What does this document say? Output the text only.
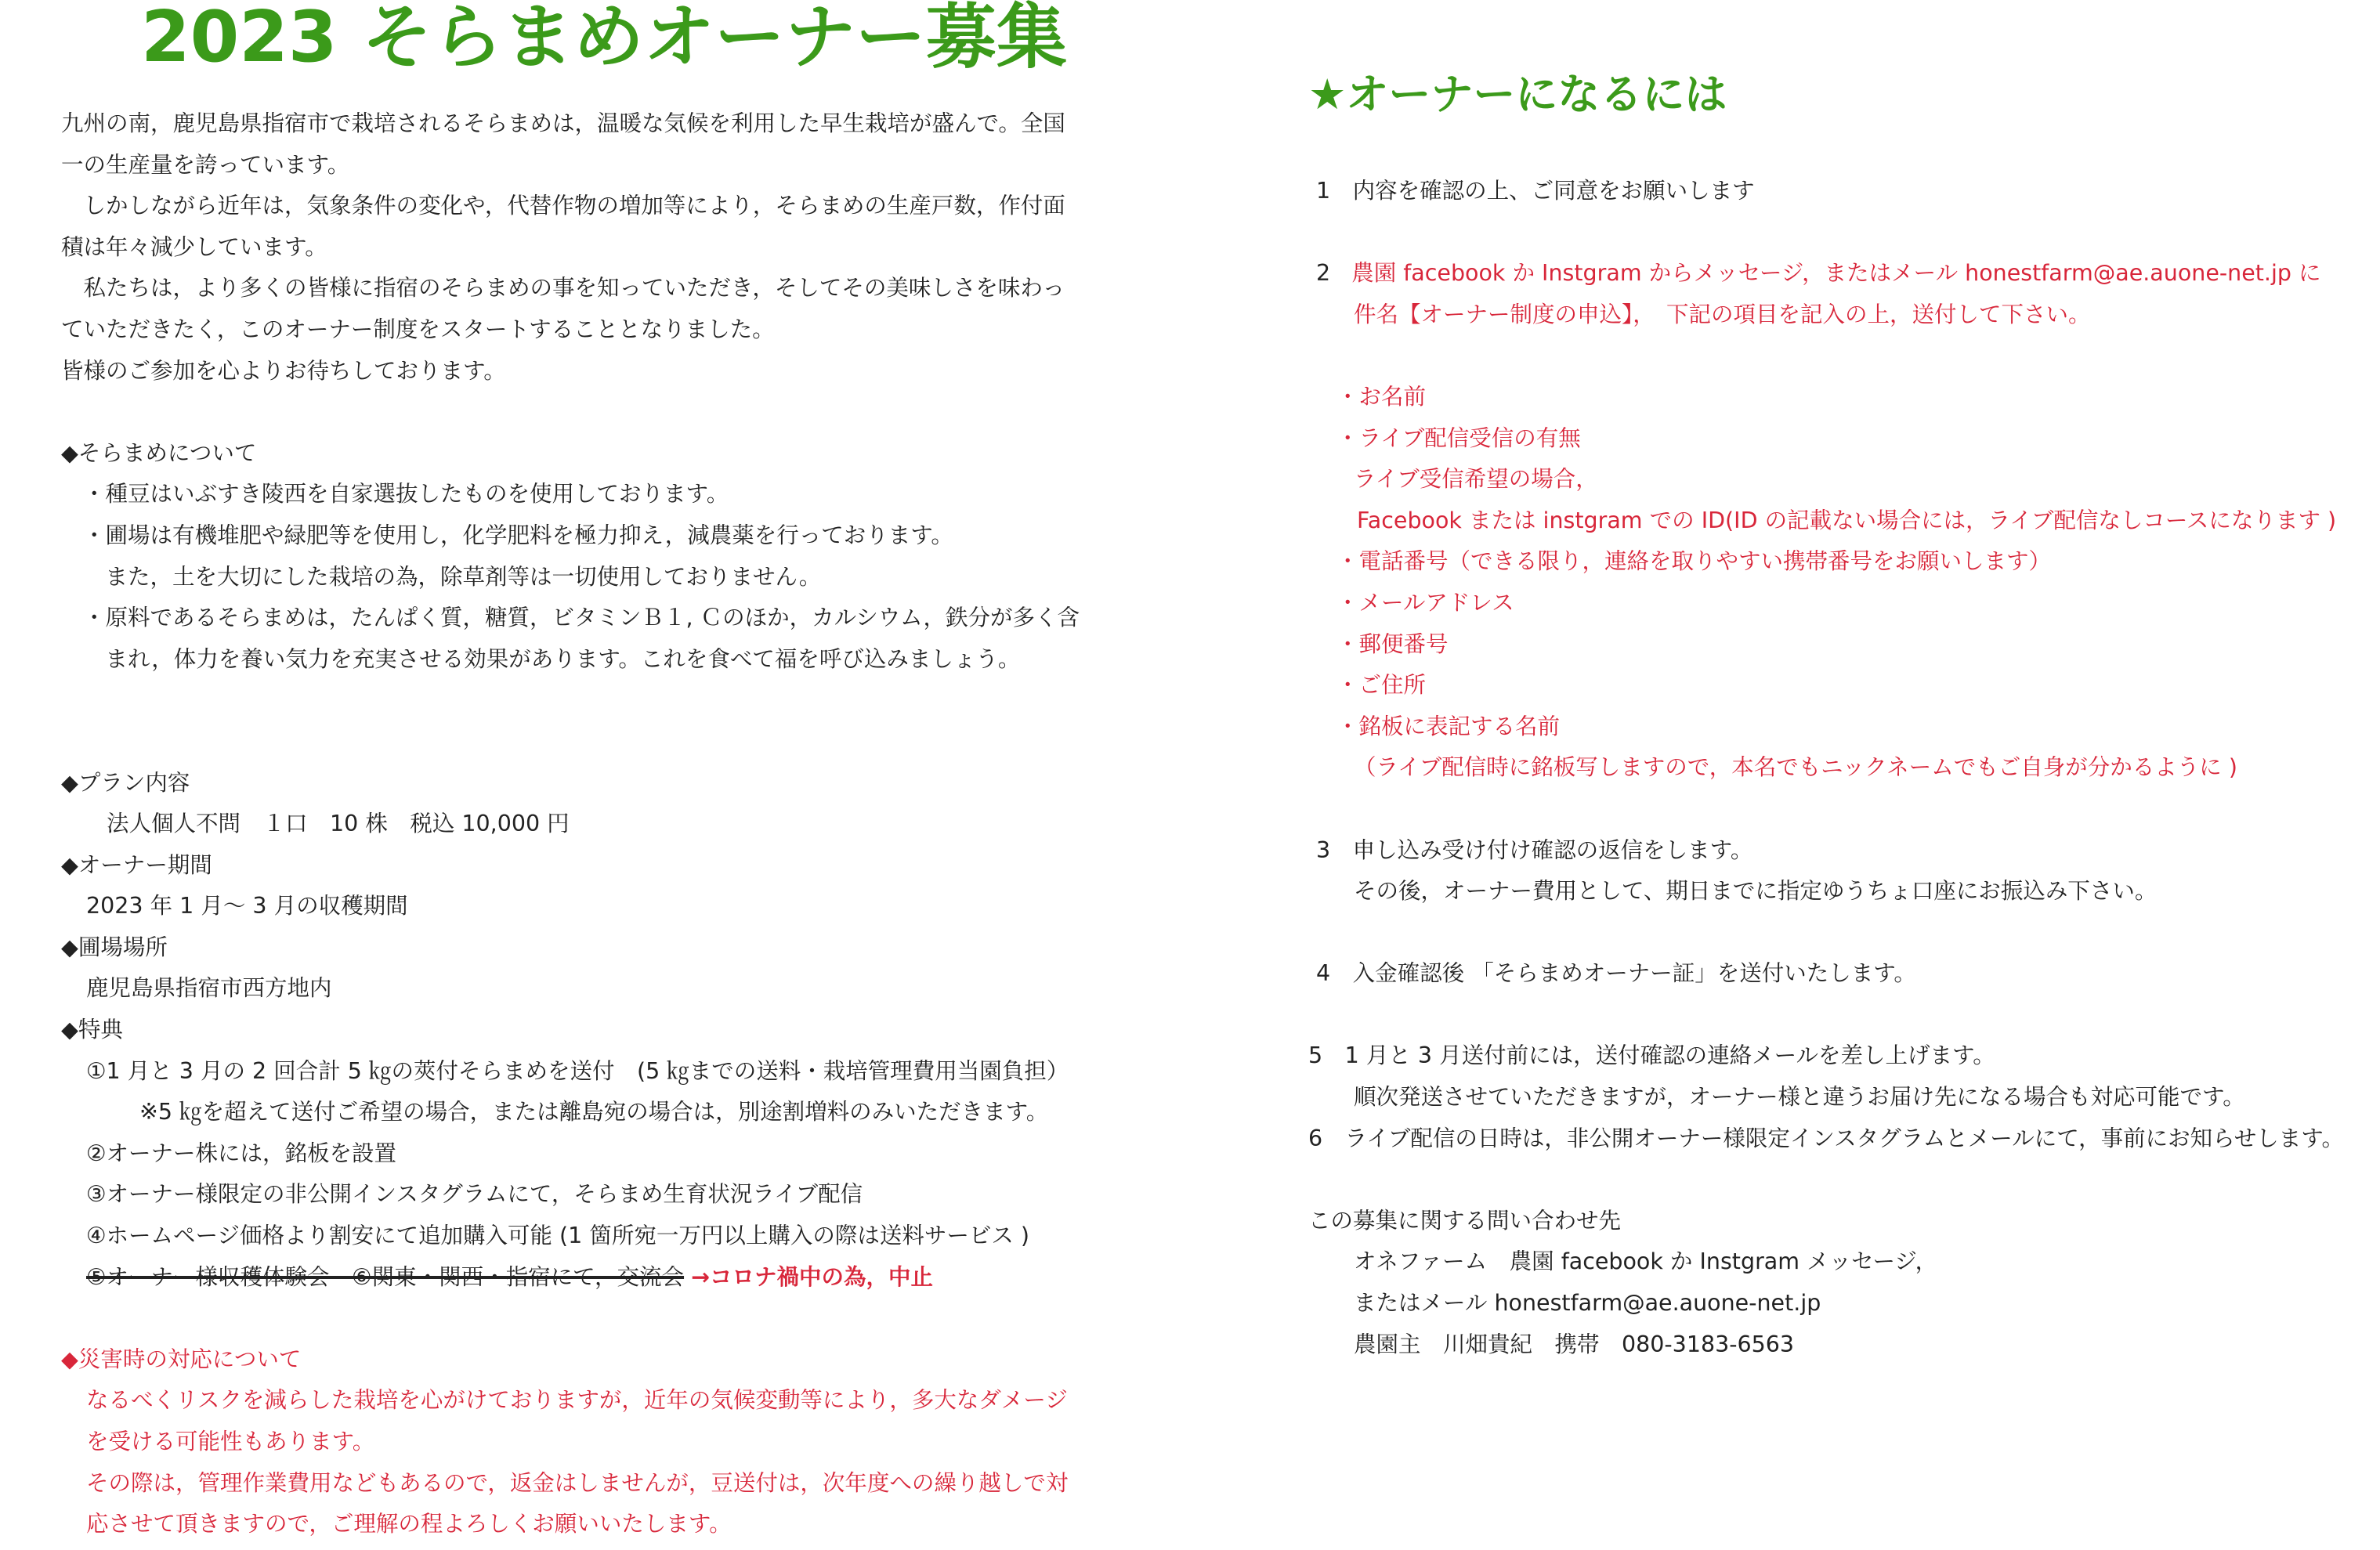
2023 そらまめオーナー募集
九州の南，鹿児島県指宿市で栽培されるそらまめは，温暖な気候を利用した早生栽培が盛んで。全国
一の生産量を誇っています。
　しかしながら近年は，気象条件の変化や，代替作物の増加等により，そらまめの生産戸数，作付面
積は年々減少しています。
　私たちは，より多くの皆様に指宿のそらまめの事を知っていただき，そしてその美味しさを味わっ
ていただきたく，このオーナー制度をスタートすることとなりました。
皆様のご参加を心よりお待ちしております。
◆そらまめについて
・種豆はいぶすき陵西を自家選抜したものを使用しております。
・圃場は有機堆肥や緑肥等を使用し，化学肥料を極力抑え，減農薬を行っております。
　また，土を大切にした栽培の為，除草剤等は一切使用しておりません。
・原料であるそらまめは，たんぱく質，糖質，ビタミンＢ１, Ｃのほか，カルシウム，鉄分が多く含
　まれ，体力を養い気力を充実させる効果があります。これを食べて福を呼び込みましょう。
◆プラン内容
法人個人不問　１口　10 株　税込 10,000 円
◆オーナー期間
2023 年 1 月〜 3 月の収穫期間
◆圃場場所
鹿児島県指宿市西方地内
◆特典
①1 月と 3 月の 2 回合計 5 ㎏の莢付そらまめを送付　(5 ㎏までの送料・栽培管理費用当園負担）
※5 ㎏を超えて送付ご希望の場合，または離島宛の場合は，別途割増料のみいただきます。
②オーナー株には，銘板を設置
③オーナー様限定の非公開インスタグラムにて，そらまめ生育状況ライブ配信
④ホームページ価格より割安にて追加購入可能 (1 箇所宛一万円以上購入の際は送料サービス )
⑤オーナー様収穫体験会　⑥関東・関西・指宿にて，交流会 →コロナ禍中の為，中止
◆災害時の対応について
なるべくリスクを減らした栽培を心がけておりますが，近年の気候変動等により，多大なダメージ
を受ける可能性もあります。
その際は，管理作業費用などもあるので，返金はしませんが，豆送付は，次年度への繰り越しで対
応させて頂きますので，ご理解の程よろしくお願いいたします。
★オーナーになるには
1　内容を確認の上、ご同意をお願いします
2 農園 facebook か Instgram からメッセージ，またはメール honestfarm@ae.auone-net.jp に
件名【オーナー制度の申込】，　下記の項目を記入の上，送付して下さい。
・お名前
・ライブ配信受信の有無
ライブ受信希望の場合，
Facebook または instgram での ID(ID の記載ない場合には，ライブ配信なしコースになります )
・電話番号（できる限り，連絡を取りやすい携帯番号をお願いします）
・メールアドレス
・郵便番号
・ご住所
・銘板に表記する名前
（ライブ配信時に銘板写しますので，本名でもニックネームでもご自身が分かるように )
3　申し込み受け付け確認の返信をします。
その後，オーナー費用として、期日までに指定ゆうちょ口座にお振込み下さい。
4　入金確認後 「そらまめオーナー証」を送付いたします。
5　1 月と 3 月送付前には，送付確認の連絡メールを差し上げます。
順次発送させていただきますが，オーナー様と違うお届け先になる場合も対応可能です。
6　ライブ配信の日時は，非公開オーナー様限定インスタグラムとメールにて，事前にお知らせします。
この募集に関する問い合わせ先
オネファーム　農園 facebook か Instgram メッセージ，
またはメール honestfarm@ae.auone-net.jp
農園主　川畑貴紀　携帯　080-3183-6563
